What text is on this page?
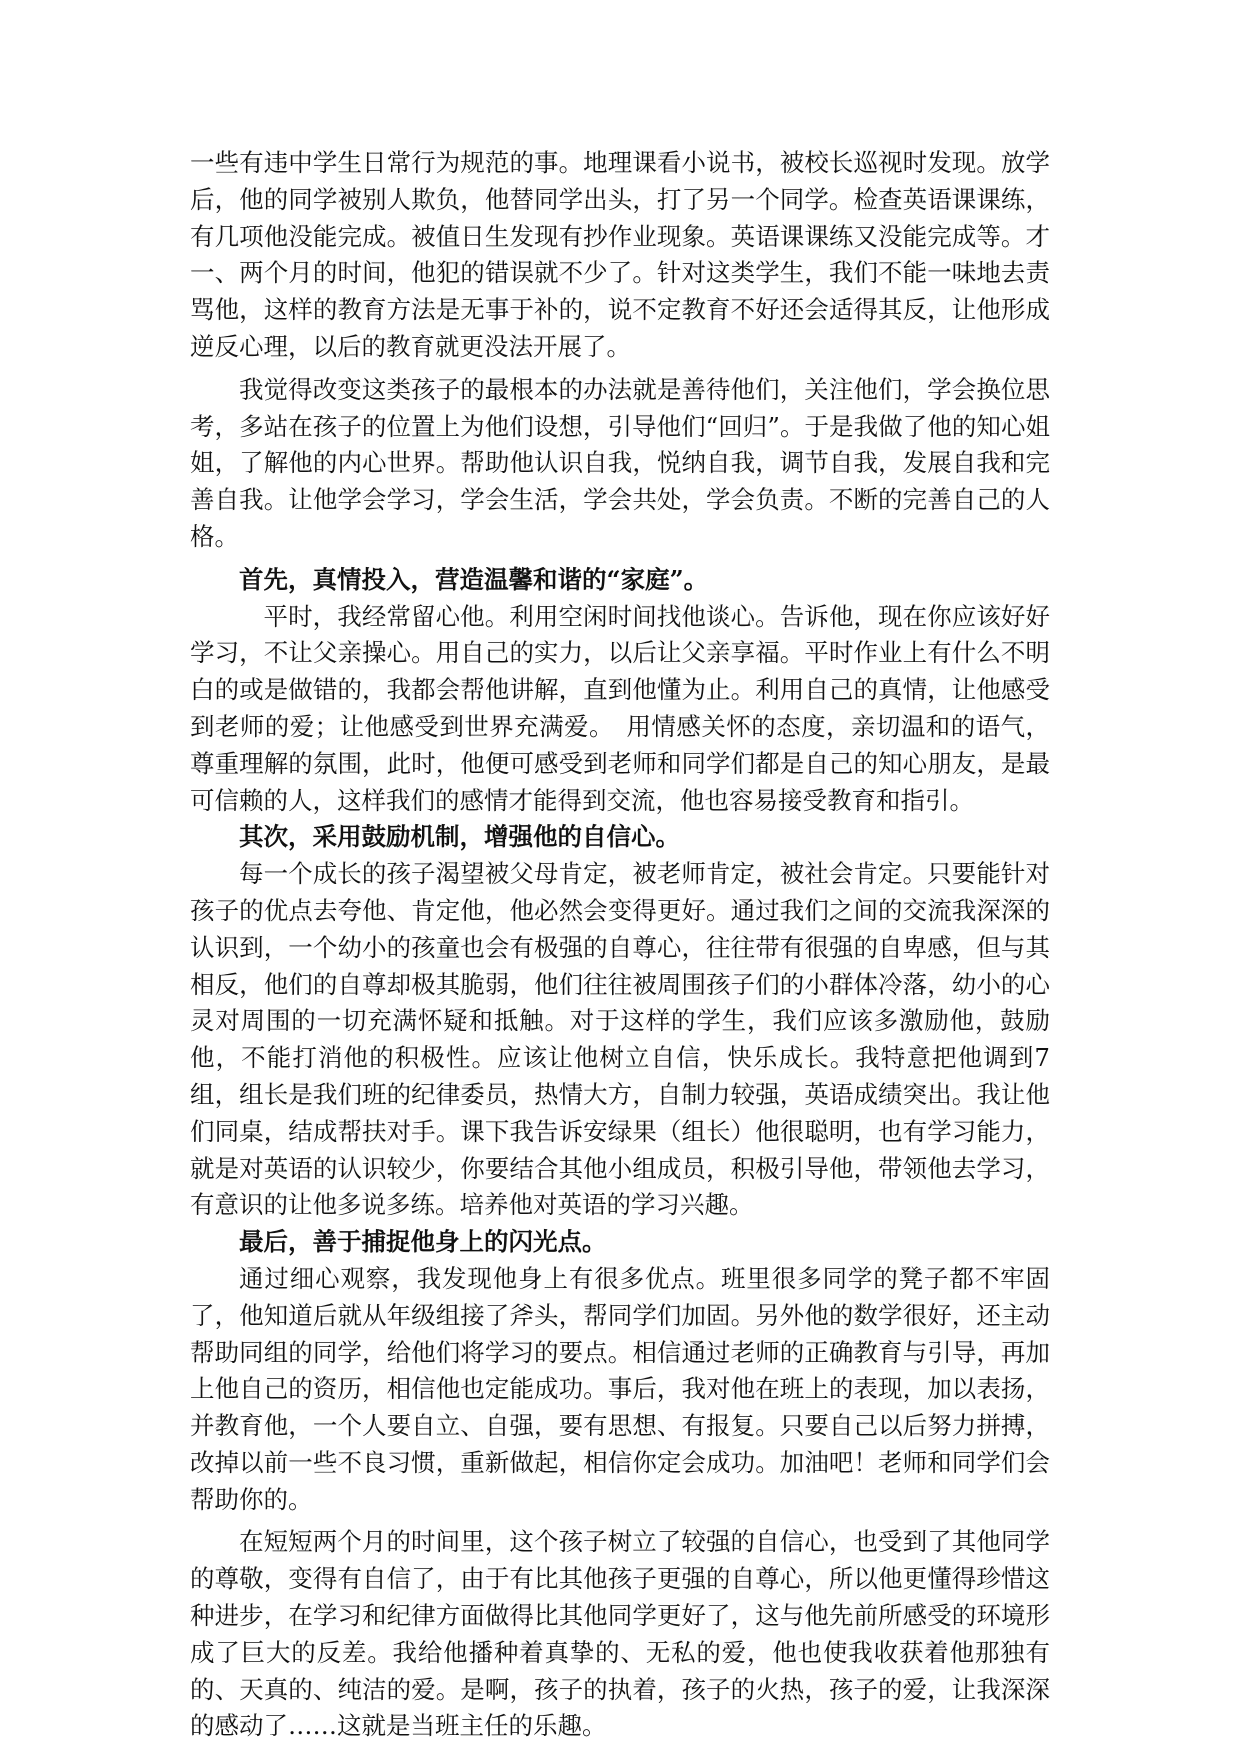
一些有违中学生日常行为规范的事。地理课看小说书，被校长巡视时发现。放学后，他的同学被别人欺负，他替同学出头，打了另一个同学。检查英语课课练，有几项他没能完成。被值日生发现有抄作业现象。英语课课练又没能完成等。才一、两个月的时间，他犯的错误就不少了。针对这类学生，我们不能一味地去责骂他，这样的教育方法是无事于补的，说不定教育不好还会适得其反，让他形成逆反心理，以后的教育就更没法开展了。

我觉得改变这类孩子的最根本的办法就是善待他们，关注他们，学会换位思考，多站在孩子的位置上为他们设想，引导他们“回归”。于是我做了他的知心姐姐，了解他的内心世界。帮助他认识自我，悦纳自我，调节自我，发展自我和完善自我。让他学会学习，学会生活，学会共处，学会负责。不断的完善自己的人格。

首先，真情投入，营造温馨和谐的“家庭”。

平时，我经常留心他。利用空闲时间找他谈心。告诉他，现在你应该好好学习，不让父亲操心。用自己的实力，以后让父亲享福。平时作业上有什么不明白的或是做错的，我都会帮他讲解，直到他懂为止。利用自己的真情，让他感受到老师的爱；让他感受到世界充满爱。　用情感关怀的态度，亲切温和的语气，尊重理解的氛围，此时，他便可感受到老师和同学们都是自己的知心朋友，是最可信赖的人，这样我们的感情才能得到交流，他也容易接受教育和指引。

其次，采用鼓励机制，增强他的自信心。

每一个成长的孩子渴望被父母肯定，被老师肯定，被社会肯定。只要能针对孩子的优点去夸他、肯定他，他必然会变得更好。通过我们之间的交流我深深的认识到，一个幼小的孩童也会有极强的自尊心，往往带有很强的自卑感，但与其相反，他们的自尊却极其脆弱，他们往往被周围孩子们的小群体冷落，幼小的心灵对周围的一切充满怀疑和抵触。对于这样的学生，我们应该多激励他，鼓励他，不能打消他的积极性。应该让他树立自信，快乐成长。我特意把他调到7组，组长是我们班的纪律委员，热情大方，自制力较强，英语成绩突出。我让他们同桌，结成帮扶对手。课下我告诉安绿果（组长）他很聪明，也有学习能力，就是对英语的认识较少，你要结合其他小组成员，积极引导他，带领他去学习，有意识的让他多说多练。培养他对英语的学习兴趣。

最后，善于捕捉他身上的闪光点。

通过细心观察，我发现他身上有很多优点。班里很多同学的凳子都不牢固了，他知道后就从年级组接了斧头，帮同学们加固。另外他的数学很好，还主动帮助同组的同学，给他们将学习的要点。相信通过老师的正确教育与引导，再加上他自己的资历，相信他也定能成功。事后，我对他在班上的表现，加以表扬，并教育他，一个人要自立、自强，要有思想、有报复。只要自己以后努力拼搏，改掉以前一些不良习惯，重新做起，相信你定会成功。加油吧！老师和同学们会帮助你的。

在短短两个月的时间里，这个孩子树立了较强的自信心，也受到了其他同学的尊敬，变得有自信了，由于有比其他孩子更强的自尊心，所以他更懂得珍惜这种进步，在学习和纪律方面做得比其他同学更好了，这与他先前所感受的环境形成了巨大的反差。我给他播种着真挚的、无私的爱，他也使我收获着他那独有的、天真的、纯洁的爱。是啊，孩子的执着，孩子的火热，孩子的爱，让我深深的感动了……这就是当班主任的乐趣。
